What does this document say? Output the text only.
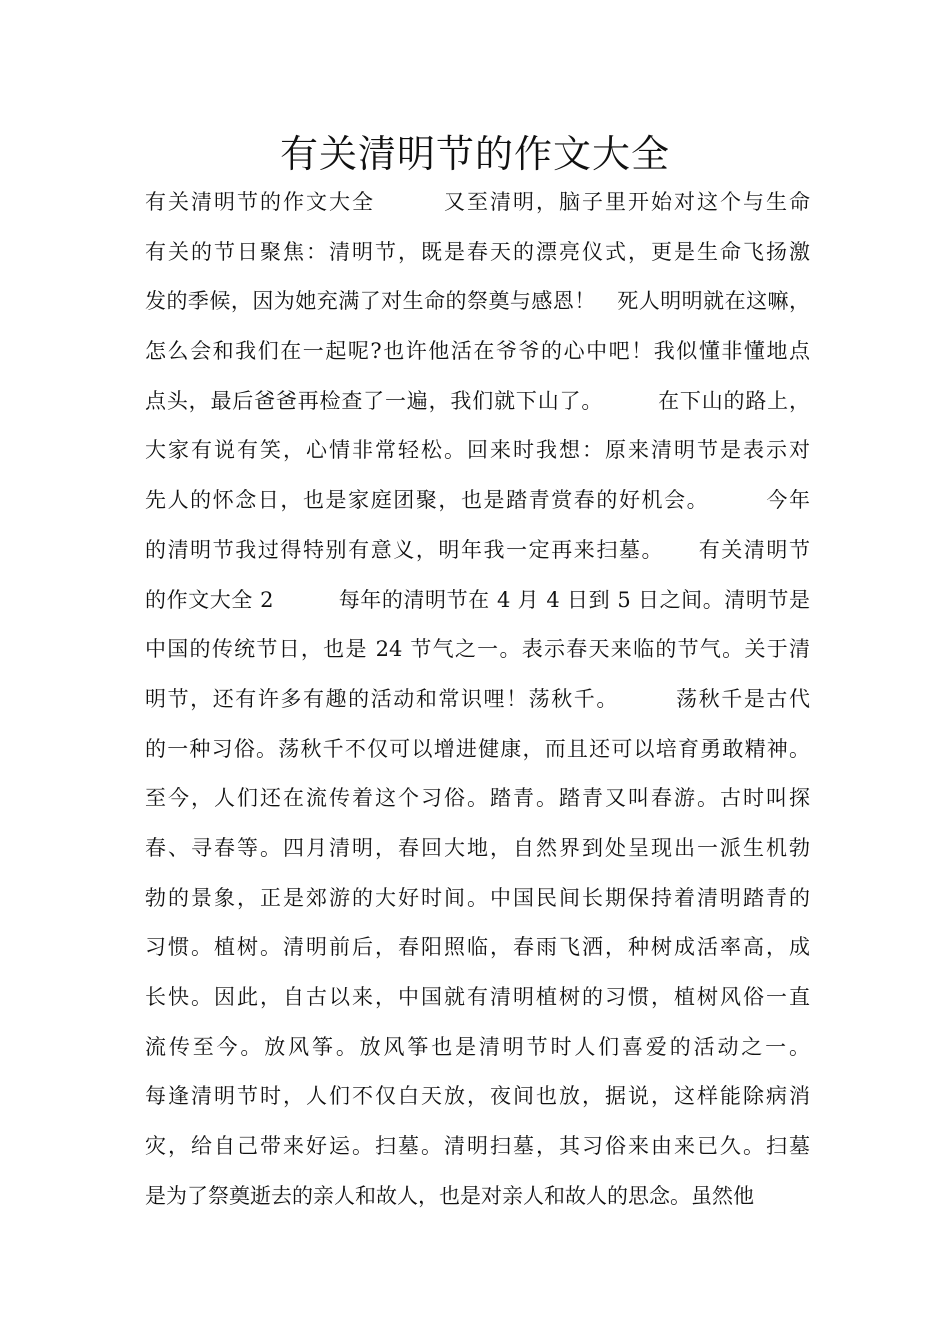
有关清明节的作文大全
有关清明节的作文大全　　　又至清明，脑子里开始对这个与生命
有关的节日聚焦：清明节，既是春天的漂亮仪式，更是生命飞扬激
发的季候，因为她充满了对生命的祭奠与感恩！　死人明明就在这嘛，
怎么会和我们在一起呢?也许他活在爷爷的心中吧！我似懂非懂地点
点头，最后爸爸再检查了一遍，我们就下山了。　　　在下山的路上，
大家有说有笑，心情非常轻松。回来时我想：原来清明节是表示对
先人的怀念日，也是家庭团聚，也是踏青赏春的好机会。　　　今年
的清明节我过得特别有意义，明年我一定再来扫墓。　　有关清明节
的作文大全 2　　　每年的清明节在 4 月 4 日到 5 日之间。清明节是
中国的传统节日，也是 24 节气之一。表示春天来临的节气。关于清
明节，还有许多有趣的活动和常识哩！荡秋千。　　　荡秋千是古代
的一种习俗。荡秋千不仅可以增进健康，而且还可以培育勇敢精神。
至今，人们还在流传着这个习俗。踏青。踏青又叫春游。古时叫探
春、寻春等。四月清明，春回大地，自然界到处呈现出一派生机勃
勃的景象，正是郊游的大好时间。中国民间长期保持着清明踏青的
习惯。植树。清明前后，春阳照临，春雨飞洒，种树成活率高，成
长快。因此，自古以来，中国就有清明植树的习惯，植树风俗一直
流传至今。放风筝。放风筝也是清明节时人们喜爱的活动之一。
每逢清明节时，人们不仅白天放，夜间也放，据说，这样能除病消
灾，给自己带来好运。扫墓。清明扫墓，其习俗来由来已久。扫墓
是为了祭奠逝去的亲人和故人，也是对亲人和故人的思念。虽然他
